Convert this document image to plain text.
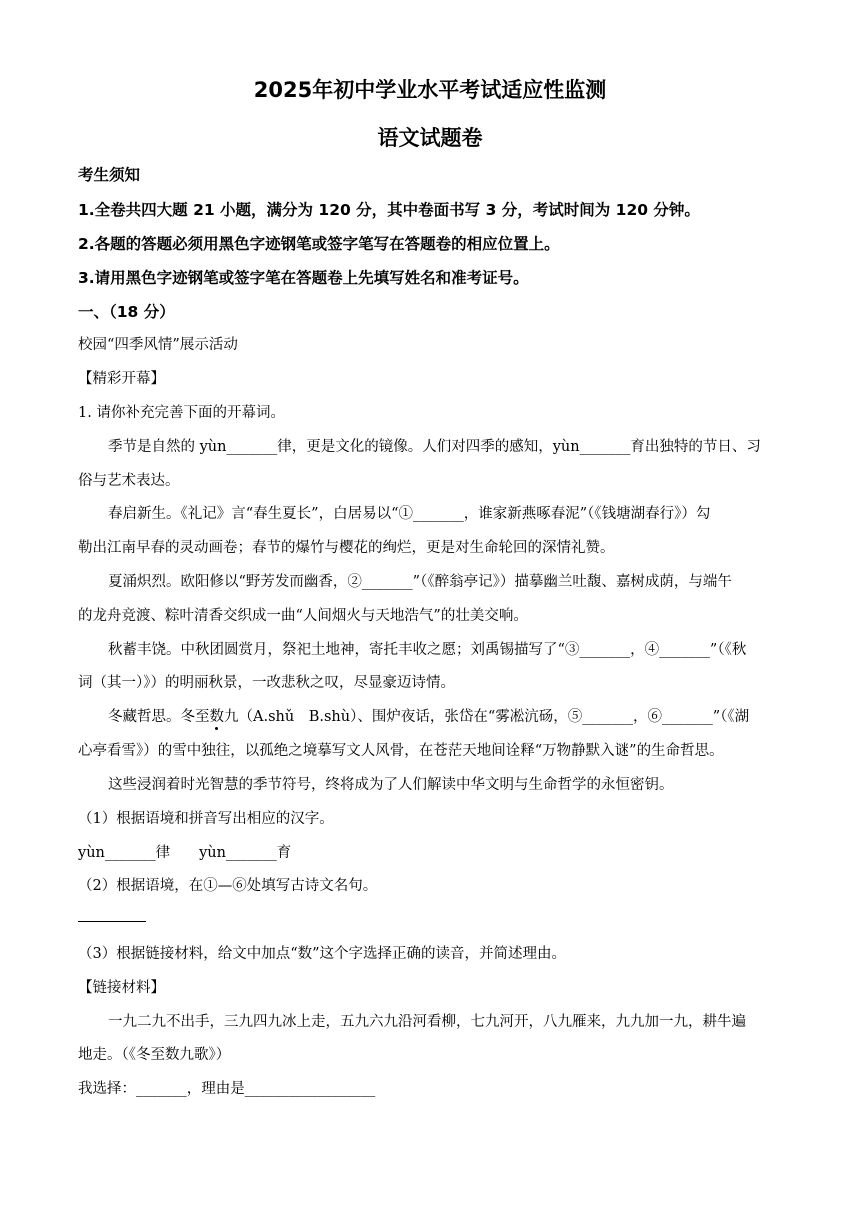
2025年初中学业水平考试适应性监测
语文试题卷
考生须知
1.全卷共四大题 21 小题，满分为 120 分，其中卷面书写 3 分，考试时间为 120 分钟。
2.各题的答题必须用黑色字迹钢笔或签字笔写在答题卷的相应位置上。
3.请用黑色字迹钢笔或签字笔在答题卷上先填写姓名和准考证号。
一、（18 分）
校园“四季风情”展示活动
【精彩开幕】
1. 请你补充完善下面的开幕词。
季节是自然的 yùn_______律，更是文化的镜像。人们对四季的感知，yùn_______育出独特的节日、习
俗与艺术表达。
春启新生。《礼记》言“春生夏长”，白居易以“①_______，谁家新燕啄春泥”（《钱塘湖春行》）勾
勒出江南早春的灵动画卷；春节的爆竹与樱花的绚烂，更是对生命轮回的深情礼赞。
夏涌炽烈。欧阳修以“野芳发而幽香，②_______”（《醉翁亭记》）描摹幽兰吐馥、嘉树成荫，与端午
的龙舟竞渡、粽叶清香交织成一曲“人间烟火与天地浩气”的壮美交响。
秋蓄丰饶。中秋团圆赏月，祭祀土地神，寄托丰收之愿；刘禹锡描写了“③_______，④_______”（《秋
词（其一）》）的明丽秋景，一改悲秋之叹，尽显豪迈诗情。
冬藏哲思。冬至数九（A.shǔ　B.shù）、围炉夜话，张岱在“雾凇沆砀，⑤_______，⑥_______”（《湖
心亭看雪》）的雪中独往，以孤绝之境摹写文人风骨，在苍茫天地间诠释“万物静默入谜”的生命哲思。
这些浸润着时光智慧的季节符号，终将成为了人们解读中华文明与生命哲学的永恒密钥。
（1）根据语境和拼音写出相应的汉字。
yùn_______律　　yùn_______育
（2）根据语境，在①—⑥处填写古诗文名句。
（3）根据链接材料，给文中加点“数”这个字选择正确的读音，并简述理由。
【链接材料】
一九二九不出手，三九四九冰上走，五九六九沿河看柳，七九河开，八九雁来，九九加一九，耕牛遍
地走。（《冬至数九歌》）
我选择：_______，理由是__________________
